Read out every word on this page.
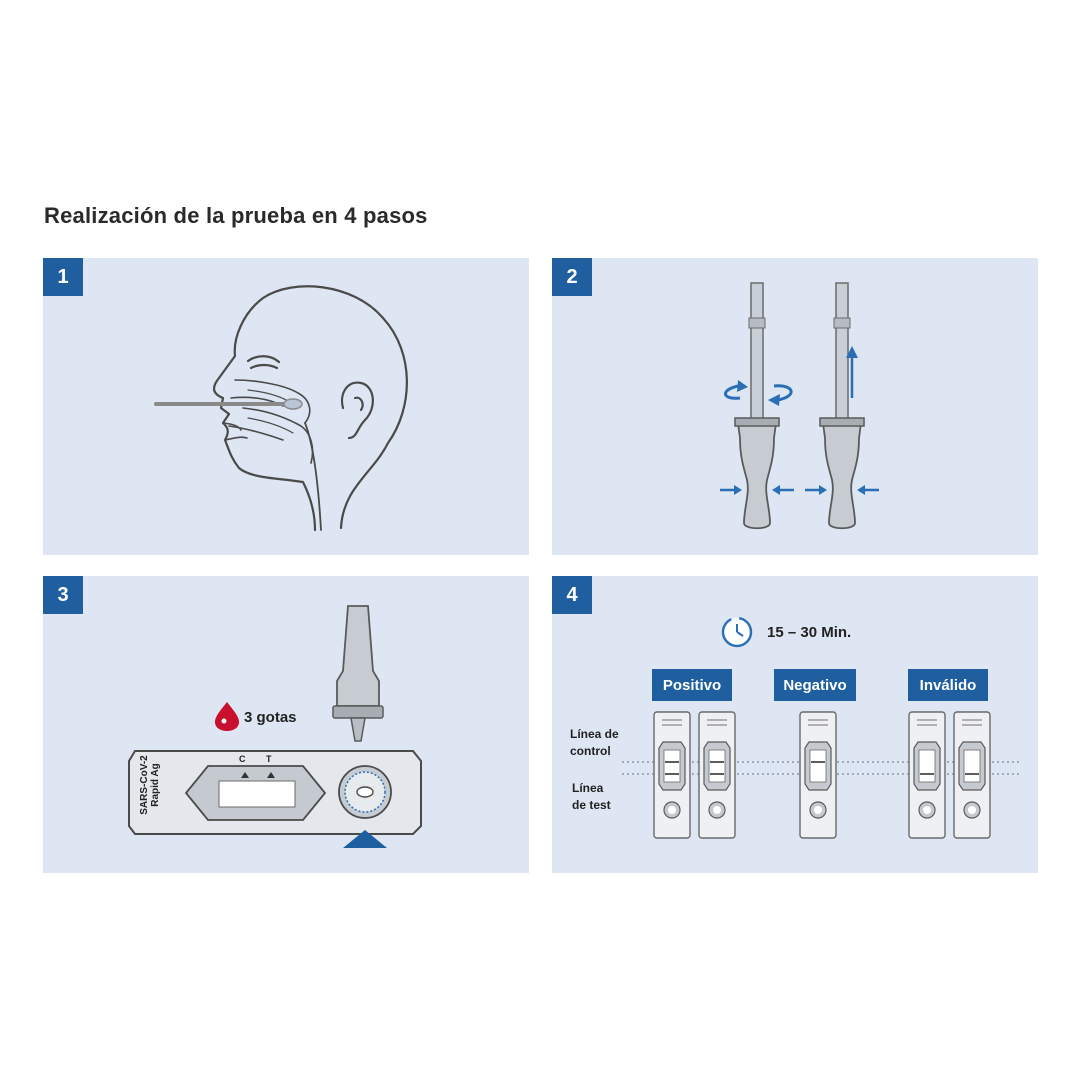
Realización de la prueba en 4 pasos
1	2
3
3 gotas
C T
SARS-CoV-2 Rapid Ag
4
15 – 30 Min.
Positivo	Negativo	Inválido
Línea de
control
Línea
de test
